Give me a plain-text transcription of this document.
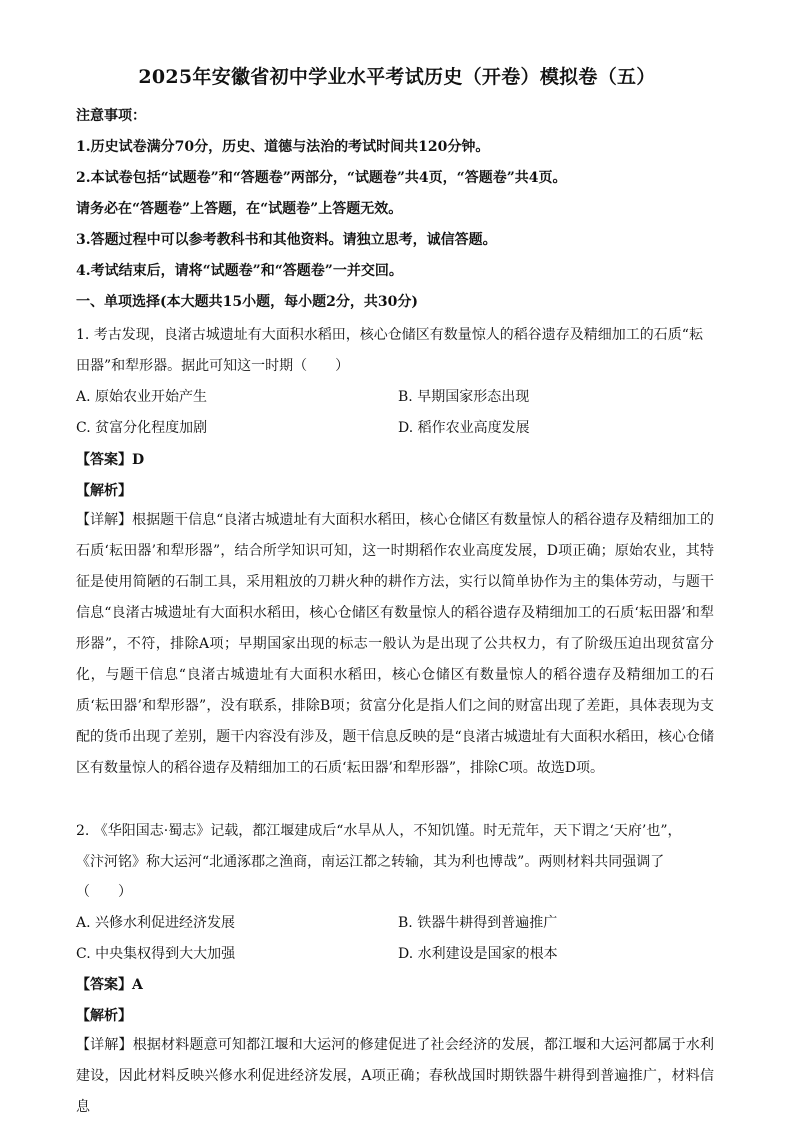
2025年安徽省初中学业水平考试历史（开卷）模拟卷（五）
注意事项：
1.历史试卷满分70分，历史、道德与法治的考试时间共120分钟。
2.本试卷包括“试题卷”和“答题卷”两部分，“试题卷”共4页，“答题卷”共4页。
请务必在“答题卷”上答题，在“试题卷”上答题无效。
3.答题过程中可以参考教科书和其他资料。请独立思考，诚信答题。
4.考试结束后，请将“试题卷”和“答题卷”一并交回。
一、单项选择(本大题共15小题，每小题2分，共30分)
1. 考古发现，良渚古城遗址有大面积水稻田，核心仓储区有数量惊人的稻谷遗存及精细加工的石质“耘
田器”和犁形器。据此可知这一时期（　　）
A. 原始农业开始产生	B. 早期国家形态出现
C. 贫富分化程度加剧	D. 稻作农业高度发展
【答案】D
【解析】
【详解】根据题干信息“良渚古城遗址有大面积水稻田，核心仓储区有数量惊人的稻谷遗存及精细加工的石质‘耘田器’和犁形器”，结合所学知识可知，这一时期稻作农业高度发展，D项正确；原始农业，其特征是使用简陋的石制工具，采用粗放的刀耕火种的耕作方法，实行以简单协作为主的集体劳动，与题干信息“良渚古城遗址有大面积水稻田，核心仓储区有数量惊人的稻谷遗存及精细加工的石质‘耘田器’和犁形器”，不符，排除A项；早期国家出现的标志一般认为是出现了公共权力，有了阶级压迫出现贫富分化，与题干信息“良渚古城遗址有大面积水稻田，核心仓储区有数量惊人的稻谷遗存及精细加工的石质‘耘田器’和犁形器”，没有联系，排除B项；贫富分化是指人们之间的财富出现了差距，具体表现为支配的货币出现了差别，题干内容没有涉及，题干信息反映的是“良渚古城遗址有大面积水稻田，核心仓储区有数量惊人的稻谷遗存及精细加工的石质‘耘田器’和犁形器”，排除C项。故选D项。
2. 《华阳国志·蜀志》记载，都江堰建成后“水旱从人，不知饥馑。时无荒年，天下谓之‘天府’也”，
《汴河铭》称大运河“北通涿郡之渔商，南运江都之转输，其为利也博哉”。两则材料共同强调了
（　　）
A. 兴修水利促进经济发展	B. 铁器牛耕得到普遍推广
C. 中央集权得到大大加强	D. 水利建设是国家的根本
【答案】A
【解析】
【详解】根据材料题意可知都江堰和大运河的修建促进了社会经济的发展，都江堰和大运河都属于水利建设，因此材料反映兴修水利促进经济发展，A项正确；春秋战国时期铁器牛耕得到普遍推广，材料信息
